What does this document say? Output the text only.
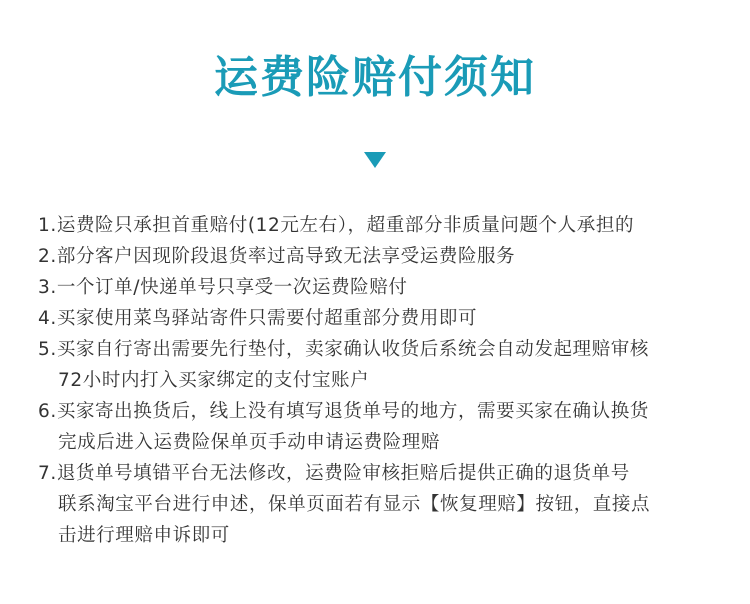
运费险赔付须知
1.运费险只承担首重赔付(12元左右），超重部分非质量问题个人承担的
2.部分客户因现阶段退货率过高导致无法享受运费险服务
3.一个订单/快递单号只享受一次运费险赔付
4.买家使用菜鸟驿站寄件只需要付超重部分费用即可
5.买家自行寄出需要先行垫付，卖家确认收货后系统会自动发起理赔审核
72小时内打入买家绑定的支付宝账户
6.买家寄出换货后，线上没有填写退货单号的地方，需要买家在确认换货
完成后进入运费险保单页手动申请运费险理赔
7.退货单号填错平台无法修改，运费险审核拒赔后提供正确的退货单号
联系淘宝平台进行申述，保单页面若有显示【恢复理赔】按钮，直接点
击进行理赔申诉即可
